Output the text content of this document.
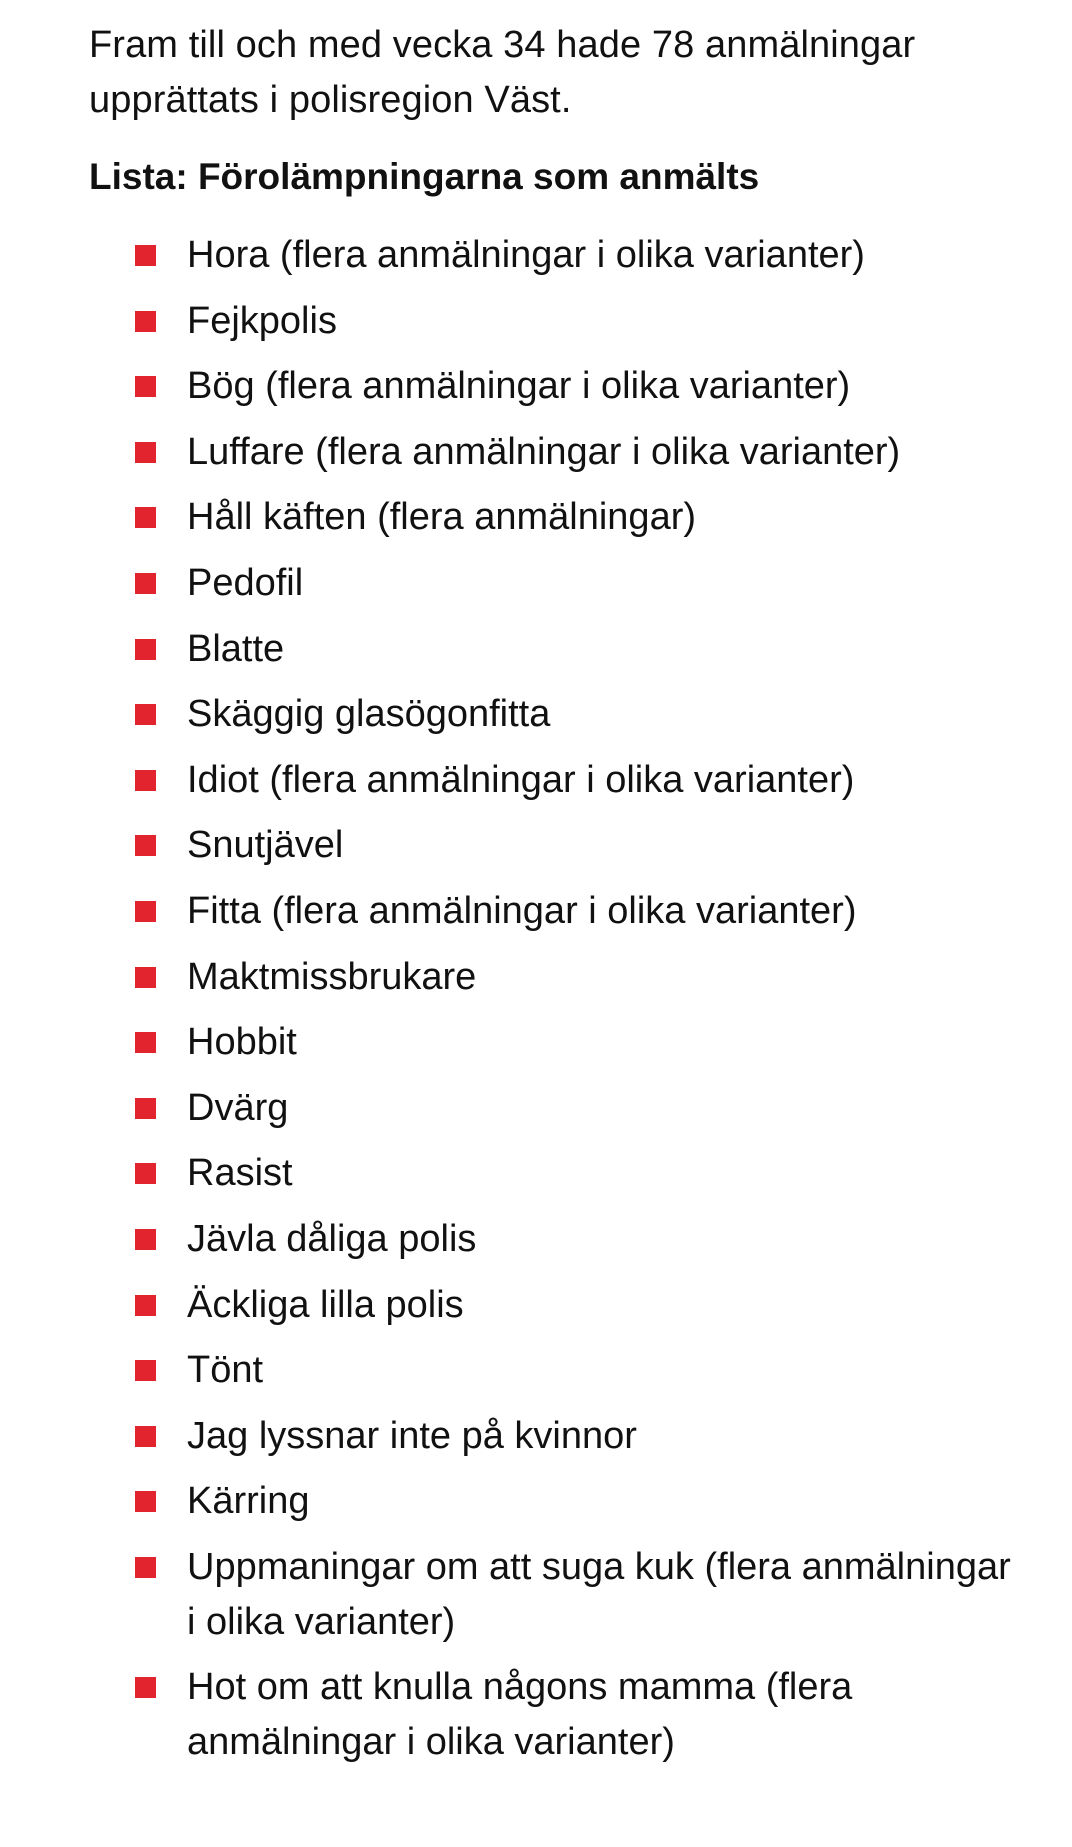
Fram till och med vecka 34 hade 78 anmälningar upprättats i polisregion Väst.

Lista: Förolämpningarna som anmälts
Hora (flera anmälningar i olika varianter)
Fejkpolis
Bög (flera anmälningar i olika varianter)
Luffare (flera anmälningar i olika varianter)
Håll käften (flera anmälningar)
Pedofil
Blatte
Skäggig glasögonfitta
Idiot (flera anmälningar i olika varianter)
Snutjävel
Fitta (flera anmälningar i olika varianter)
Maktmissbrukare
Hobbit
Dvärg
Rasist
Jävla dåliga polis
Äckliga lilla polis
Tönt
Jag lyssnar inte på kvinnor
Kärring
Uppmaningar om att suga kuk (flera anmälningar i olika varianter)
Hot om att knulla någons mamma (flera anmälningar i olika varianter)
